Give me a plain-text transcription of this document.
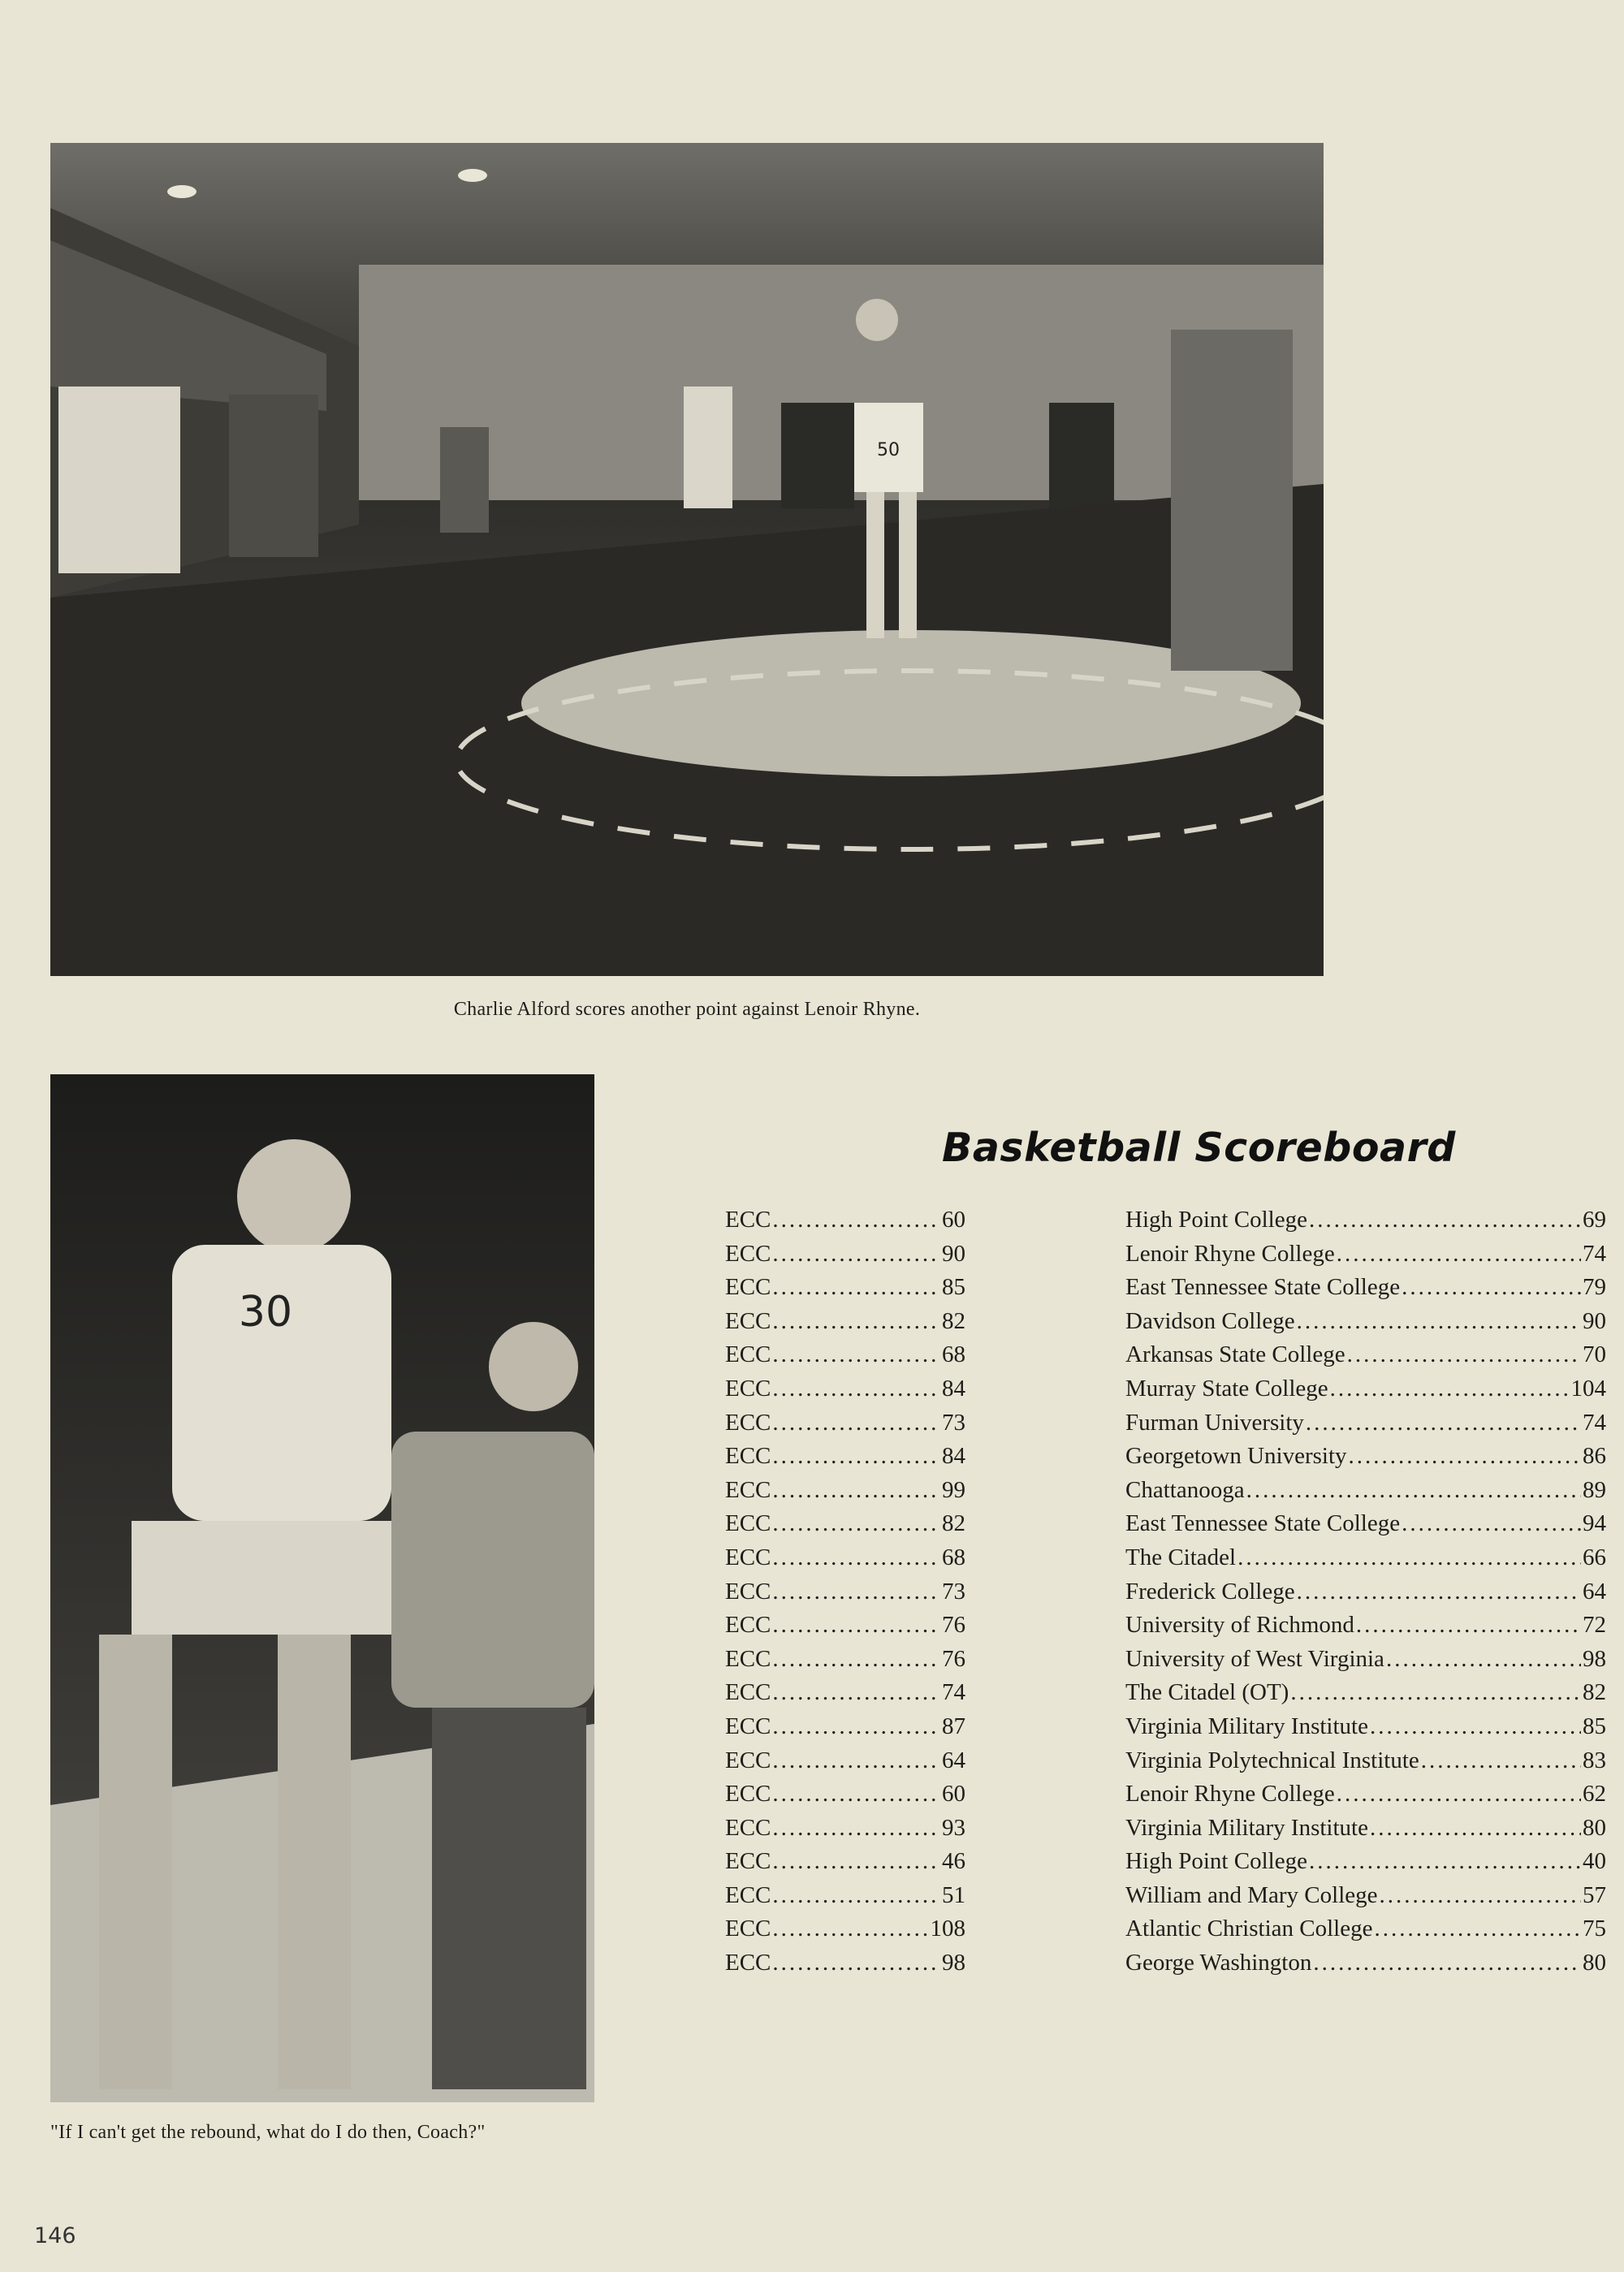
50
Charlie Alford scores another point against Lenoir Rhyne.
30
"If I can't get the rebound, what do I do then, Coach?"
Basketball Scoreboard
ECC .....	60
ECC .....	90
ECC .....	85
ECC .....	82
ECC .....	68
ECC .....	84
ECC .....	73
ECC .....	84
ECC .....	99
ECC .....	82
ECC .....	68
ECC .....	73
ECC .....	76
ECC .....	76
ECC .....	74
ECC .....	87
ECC .....	64
ECC .....	60
ECC .....	93
ECC .....	46
ECC .....	51
ECC .....	108
ECC .....	98
High Point College .....	69
Lenoir Rhyne College .....	74
East Tennessee State College .....	79
Davidson College .....	90
Arkansas State College .....	70
Murray State College .....	104
Furman University .....	74
Georgetown University .....	86
Chattanooga .....	89
East Tennessee State College .....	94
The Citadel .....	66
Frederick College .....	64
University of Richmond .....	72
University of West Virginia .....	98
The Citadel (OT) .....	82
Virginia Military Institute .....	85
Virginia Polytechnical Institute .....	83
Lenoir Rhyne College .....	62
Virginia Military Institute .....	80
High Point College .....	40
William and Mary College .....	57
Atlantic Christian College .....	75
George Washington .....	80
146
